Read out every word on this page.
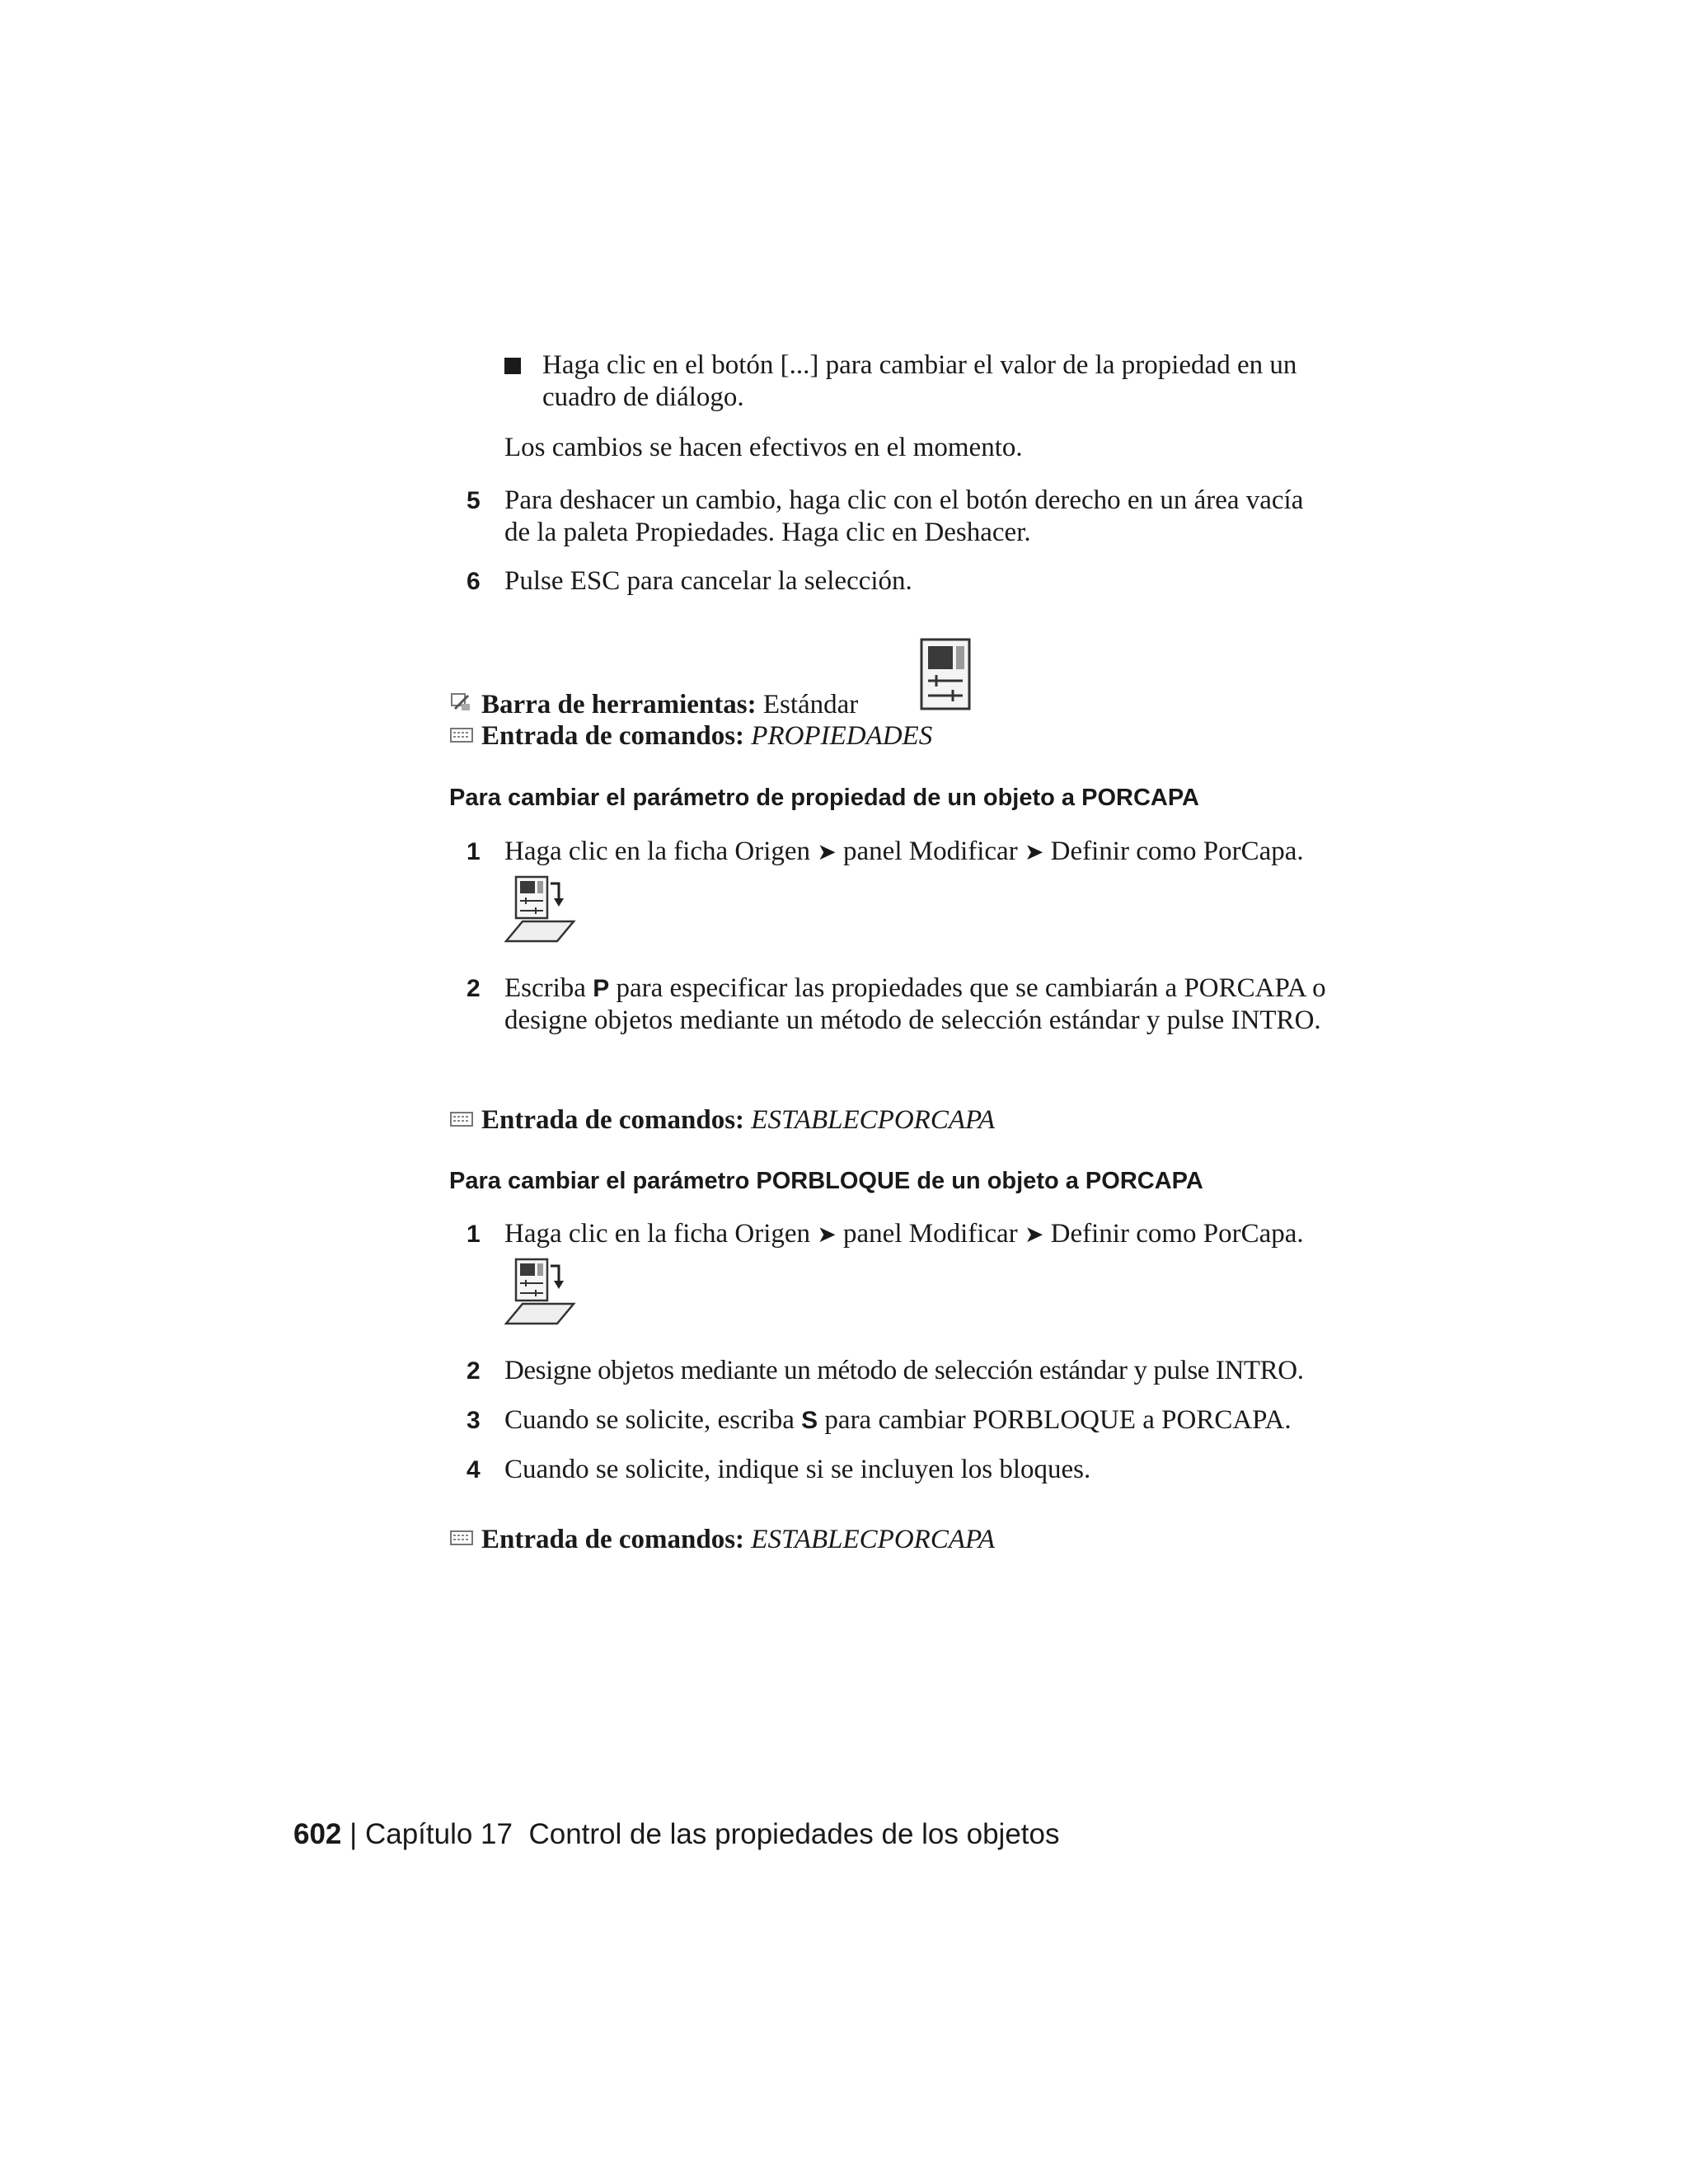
Haga clic en el botón [...] para cambiar el valor de la propiedad en un cuadro de diálogo.
Los cambios se hacen efectivos en el momento.
5 Para deshacer un cambio, haga clic con el botón derecho en un área vacía de la paleta Propiedades. Haga clic en Deshacer.
6 Pulse ESC para cancelar la selección.
Barra de herramientas: Estándar
Entrada de comandos: PROPIEDADES
Para cambiar el parámetro de propiedad de un objeto a PORCAPA
1 Haga clic en la ficha Origen ➤ panel Modificar ➤ Definir como PorCapa.
2 Escriba P para especificar las propiedades que se cambiarán a PORCAPA o designe objetos mediante un método de selección estándar y pulse INTRO.
Entrada de comandos: ESTABLECPORCAPA
Para cambiar el parámetro PORBLOQUE de un objeto a PORCAPA
1 Haga clic en la ficha Origen ➤ panel Modificar ➤ Definir como PorCapa.
2 Designe objetos mediante un método de selección estándar y pulse INTRO.
3 Cuando se solicite, escriba S para cambiar PORBLOQUE a PORCAPA.
4 Cuando se solicite, indique si se incluyen los bloques.
Entrada de comandos: ESTABLECPORCAPA
602 | Capítulo 17 Control de las propiedades de los objetos
